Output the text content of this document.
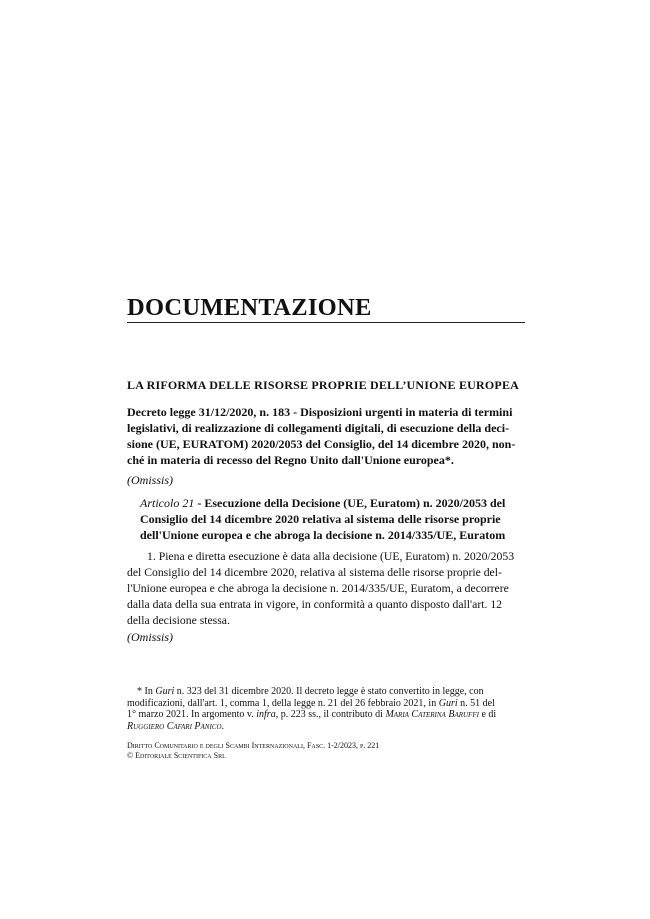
DOCUMENTAZIONE
LA RIFORMA DELLE RISORSE PROPRIE DELL’UNIONE EUROPEA
Decreto legge 31/12/2020, n. 183 - Disposizioni urgenti in materia di termini
legislativi, di realizzazione di collegamenti digitali, di esecuzione della deci-
sione (UE, EURATOM) 2020/2053 del Consiglio, del 14 dicembre 2020, non-
ché in materia di recesso del Regno Unito dall'Unione europea*.
(Omissis)
Articolo 21 - Esecuzione della Decisione (UE, Euratom) n. 2020/2053 del
Consiglio del 14 dicembre 2020 relativa al sistema delle risorse proprie
dell'Unione europea e che abroga la decisione n. 2014/335/UE, Euratom
1. Piena e diretta esecuzione è data alla decisione (UE, Euratom) n. 2020/2053
del Consiglio del 14 dicembre 2020, relativa al sistema delle risorse proprie del-
l'Unione europea e che abroga la decisione n. 2014/335/UE, Euratom, a decorrere
dalla data della sua entrata in vigore, in conformità a quanto disposto dall'art. 12
della decisione stessa.
(Omissis)
* In Guri n. 323 del 31 dicembre 2020. Il decreto legge è stato convertito in legge, con
modificazioni, dall'art. 1, comma 1, della legge n. 21 del 26 febbraio 2021, in Guri n. 51 del
1° marzo 2021. In argomento v. infra, p. 223 ss., il contributo di Maria Caterina Baruffi e di
Ruggiero Cafari Panico.
Diritto Comunitario e degli Scambi Internazionali, Fasc. 1-2/2023, p. 221
© Editoriale Scientifica Srl
